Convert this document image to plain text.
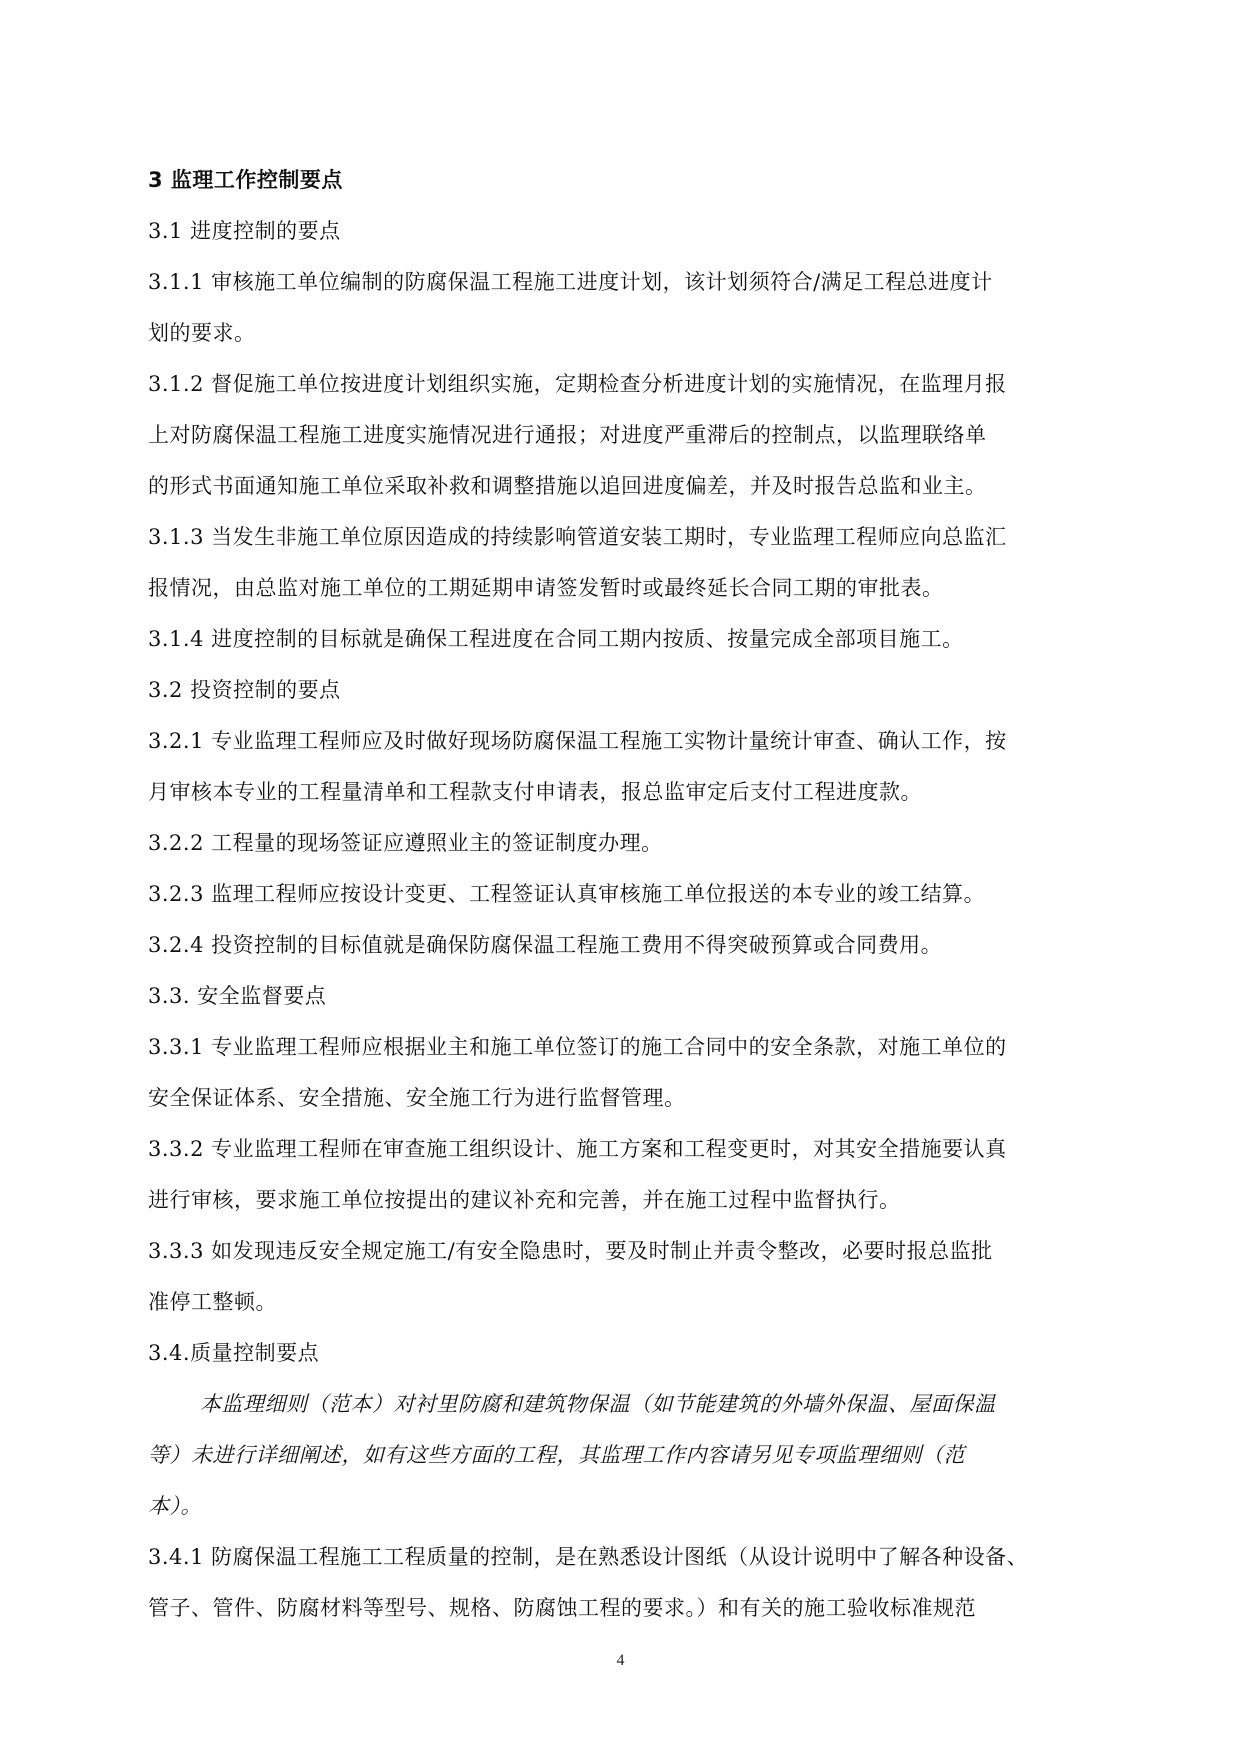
3 监理工作控制要点
3.1 进度控制的要点
3.1.1 审核施工单位编制的防腐保温工程施工进度计划，该计划须符合/满足工程总进度计
划的要求。
3.1.2 督促施工单位按进度计划组织实施，定期检查分析进度计划的实施情况，在监理月报
上对防腐保温工程施工进度实施情况进行通报；对进度严重滞后的控制点，以监理联络单
的形式书面通知施工单位采取补救和调整措施以追回进度偏差，并及时报告总监和业主。
3.1.3 当发生非施工单位原因造成的持续影响管道安装工期时，专业监理工程师应向总监汇
报情况，由总监对施工单位的工期延期申请签发暂时或最终延长合同工期的审批表。
3.1.4 进度控制的目标就是确保工程进度在合同工期内按质、按量完成全部项目施工。
3.2 投资控制的要点
3.2.1 专业监理工程师应及时做好现场防腐保温工程施工实物计量统计审查、确认工作，按
月审核本专业的工程量清单和工程款支付申请表，报总监审定后支付工程进度款。
3.2.2 工程量的现场签证应遵照业主的签证制度办理。
3.2.3 监理工程师应按设计变更、工程签证认真审核施工单位报送的本专业的竣工结算。
3.2.4 投资控制的目标值就是确保防腐保温工程施工费用不得突破预算或合同费用。
3.3. 安全监督要点
3.3.1 专业监理工程师应根据业主和施工单位签订的施工合同中的安全条款，对施工单位的
安全保证体系、安全措施、安全施工行为进行监督管理。
3.3.2 专业监理工程师在审查施工组织设计、施工方案和工程变更时，对其安全措施要认真
进行审核，要求施工单位按提出的建议补充和完善，并在施工过程中监督执行。
3.3.3 如发现违反安全规定施工/有安全隐患时，要及时制止并责令整改，必要时报总监批
准停工整顿。
3.4.质量控制要点
本监理细则（范本）对衬里防腐和建筑物保温（如节能建筑的外墙外保温、屋面保温
等）未进行详细阐述，如有这些方面的工程，其监理工作内容请另见专项监理细则（范
本）。
3.4.1 防腐保温工程施工工程质量的控制，是在熟悉设计图纸（从设计说明中了解各种设备、
管子、管件、防腐材料等型号、规格、防腐蚀工程的要求。）和有关的施工验收标准规范
4
